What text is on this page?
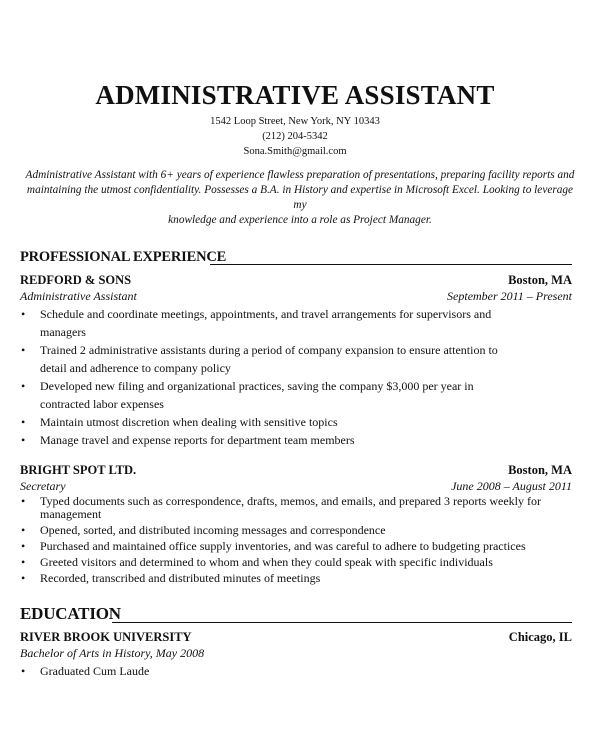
ADMINISTRATIVE ASSISTANT
1542 Loop Street, New York, NY 10343
(212) 204-5342
Sona.Smith@gmail.com
Administrative Assistant with 6+ years of experience flawless preparation of presentations, preparing facility reports and
maintaining the utmost confidentiality. Possesses a B.A. in History and expertise in Microsoft Excel. Looking to leverage my
knowledge and experience into a role as Project Manager.
PROFESSIONAL EXPERIENCE
REDFORD & SONS	Boston, MA
Administrative Assistant	September 2011 – Present
• Schedule and coordinate meetings, appointments, and travel arrangements for supervisors and
managers
• Trained 2 administrative assistants during a period of company expansion to ensure attention to
detail and adherence to company policy
• Developed new filing and organizational practices, saving the company $3,000 per year in
contracted labor expenses
• Maintain utmost discretion when dealing with sensitive topics
• Manage travel and expense reports for department team members
BRIGHT SPOT LTD.	Boston, MA
Secretary	June 2008 – August 2011
• Typed documents such as correspondence, drafts, memos, and emails, and prepared 3 reports weekly for
management
• Opened, sorted, and distributed incoming messages and correspondence
• Purchased and maintained office supply inventories, and was careful to adhere to budgeting practices
• Greeted visitors and determined to whom and when they could speak with specific individuals
• Recorded, transcribed and distributed minutes of meetings
EDUCATION
RIVER BROOK UNIVERSITY	Chicago, IL
Bachelor of Arts in History, May 2008
• Graduated Cum Laude
